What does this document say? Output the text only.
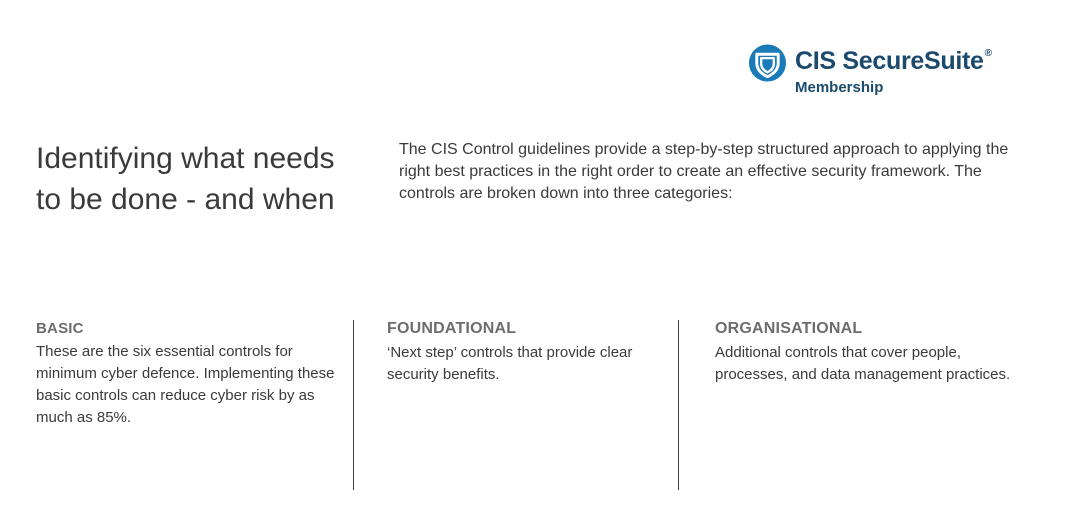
CIS SecureSuite®
Membership
Identifying what needs to be done - and when

The CIS Control guidelines provide a step-by-step structured approach to applying the right best practices in the right order to create an effective security framework. The controls are broken down into three categories:

BASIC

These are the six essential controls for minimum cyber defence. Implementing these basic controls can reduce cyber risk by as much as 85%.

FOUNDATIONAL

‘Next step’ controls that provide clear security benefits.

ORGANISATIONAL

Additional controls that cover people, processes, and data management practices.
